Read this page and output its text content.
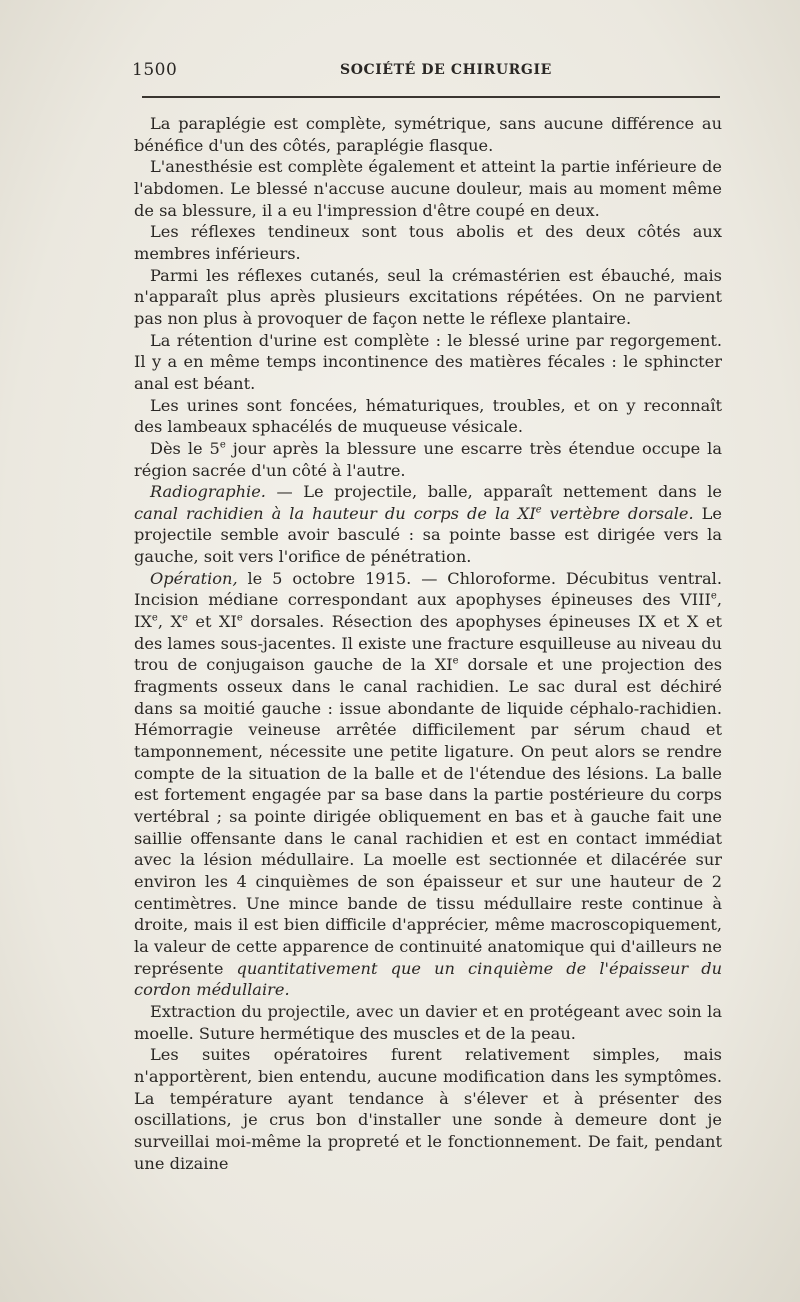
1500	SOCIÉTÉ DE CHIRURGIE

La paraplégie est complète, symétrique, sans aucune différence au bénéfice d'un des côtés, paraplégie flasque.

L'anesthésie est complète également et atteint la partie inférieure de l'abdomen. Le blessé n'accuse aucune douleur, mais au moment même de sa blessure, il a eu l'impression d'être coupé en deux.

Les réflexes tendineux sont tous abolis et des deux côtés aux membres inférieurs.

Parmi les réflexes cutanés, seul la crémastérien est ébauché, mais n'apparaît plus après plusieurs excitations répétées. On ne parvient pas non plus à provoquer de façon nette le réflexe plantaire.

La rétention d'urine est complète : le blessé urine par regorgement. Il y a en même temps incontinence des matières fécales : le sphincter anal est béant.

Les urines sont foncées, hématuriques, troubles, et on y reconnaît des lambeaux sphacélés de muqueuse vésicale.

Dès le 5e jour après la blessure une escarre très étendue occupe la région sacrée d'un côté à l'autre.

Radiographie. — Le projectile, balle, apparaît nettement dans le canal rachidien à la hauteur du corps de la XIe vertèbre dorsale. Le projectile semble avoir basculé : sa pointe basse est dirigée vers la gauche, soit vers l'orifice de pénétration.

Opération, le 5 octobre 1915. — Chloroforme. Décubitus ventral. Incision médiane correspondant aux apophyses épineuses des VIIIe, IXe, Xe et XIe dorsales. Résection des apophyses épineuses IX et X et des lames sous-jacentes. Il existe une fracture esquilleuse au niveau du trou de conjugaison gauche de la XIe dorsale et une projection des fragments osseux dans le canal rachidien. Le sac dural est déchiré dans sa moitié gauche : issue abondante de liquide céphalo-rachidien. Hémorragie veineuse arrêtée difficilement par sérum chaud et tamponnement, nécessite une petite ligature. On peut alors se rendre compte de la situation de la balle et de l'étendue des lésions. La balle est fortement engagée par sa base dans la partie postérieure du corps vertébral ; sa pointe dirigée obliquement en bas et à gauche fait une saillie offensante dans le canal rachidien et est en contact immédiat avec la lésion médullaire. La moelle est sectionnée et dilacérée sur environ les 4 cinquièmes de son épaisseur et sur une hauteur de 2 centimètres. Une mince bande de tissu médullaire reste continue à droite, mais il est bien difficile d'apprécier, même macroscopiquement, la valeur de cette apparence de continuité anatomique qui d'ailleurs ne représente quantitativement que un cinquième de l'épaisseur du cordon médullaire.

Extraction du projectile, avec un davier et en protégeant avec soin la moelle. Suture hermétique des muscles et de la peau.

Les suites opératoires furent relativement simples, mais n'apportèrent, bien entendu, aucune modification dans les symptômes. La température ayant tendance à s'élever et à présenter des oscillations, je crus bon d'installer une sonde à demeure dont je surveillai moi-même la propreté et le fonctionnement. De fait, pendant une dizaine
